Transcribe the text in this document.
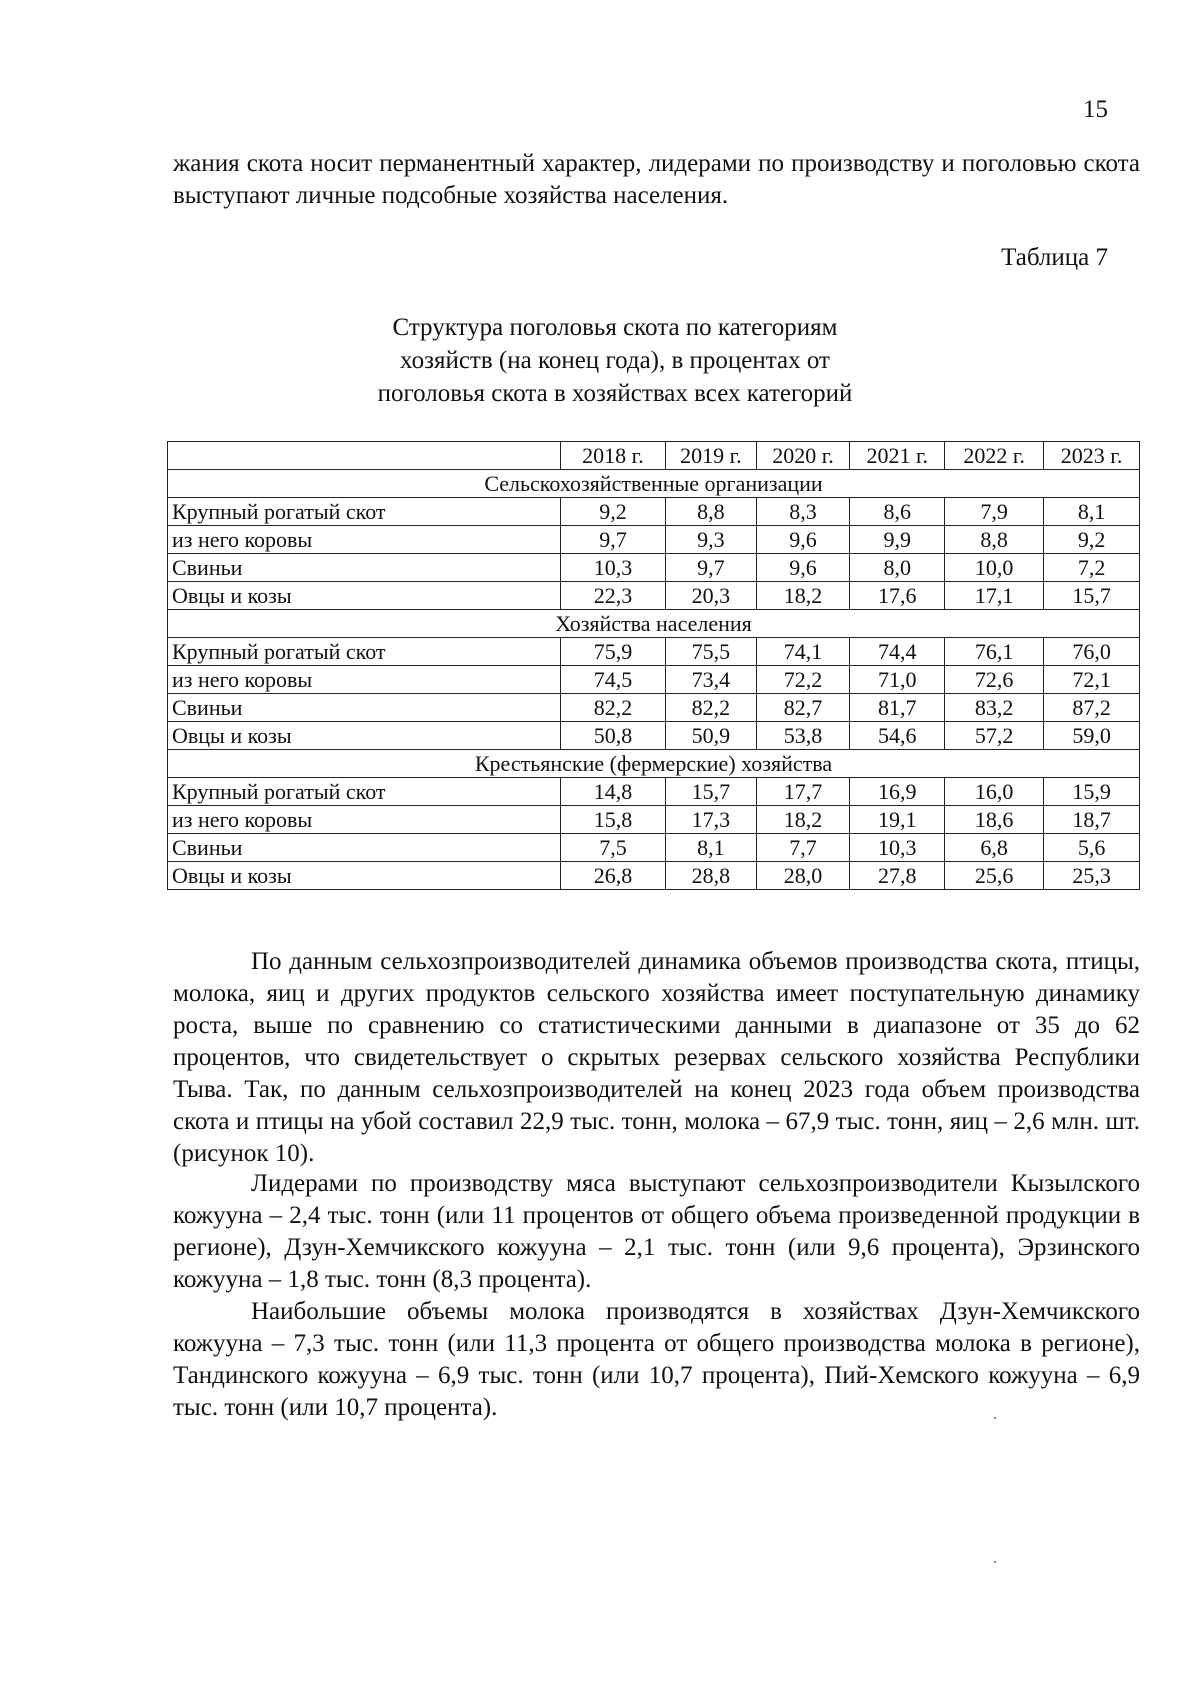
15

жания скота носит перманентный характер, лидерами по производству и поголовью скота выступают личные подсобные хозяйства населения.

Таблица 7
Структура поголовья скота по категориям
хозяйств (на конец года), в процентах от
поголовья скота в хозяйствах всех категорий
	2018 г.	2019 г.	2020 г.	2021 г.	2022 г.	2023 г.
Сельскохозяйственные организации						
Крупный рогатый скот	9,2	8,8	8,3	8,6	7,9	8,1
из него коровы	9,7	9,3	9,6	9,9	8,8	9,2
Свиньи	10,3	9,7	9,6	8,0	10,0	7,2
Овцы и козы	22,3	20,3	18,2	17,6	17,1	15,7
Хозяйства населения						
Крупный рогатый скот	75,9	75,5	74,1	74,4	76,1	76,0
из него коровы	74,5	73,4	72,2	71,0	72,6	72,1
Свиньи	82,2	82,2	82,7	81,7	83,2	87,2
Овцы и козы	50,8	50,9	53,8	54,6	57,2	59,0
Крестьянские (фермерские) хозяйства						
Крупный рогатый скот	14,8	15,7	17,7	16,9	16,0	15,9
из него коровы	15,8	17,3	18,2	19,1	18,6	18,7
Свиньи	7,5	8,1	7,7	10,3	6,8	5,6
Овцы и козы	26,8	28,8	28,0	27,8	25,6	25,3

По данным сельхозпроизводителей динамика объемов производства скота, птицы, молока, яиц и других продуктов сельского хозяйства имеет поступательную динамику роста, выше по сравнению со статистическими данными в диапазоне от 35 до 62 процентов, что свидетельствует о скрытых резервах сельского хозяйства Республики Тыва. Так, по данным сельхозпроизводителей на конец 2023 года объем производства скота и птицы на убой составил 22,9 тыс. тонн, молока – 67,9 тыс. тонн, яиц – 2,6 млн. шт. (рисунок 10).

Лидерами по производству мяса выступают сельхозпроизводители Кызылского кожууна – 2,4 тыс. тонн (или 11 процентов от общего объема произведенной продукции в регионе), Дзун-Хемчикского кожууна – 2,1 тыс. тонн (или 9,6 процента), Эрзинского кожууна – 1,8 тыс. тонн (8,3 процента).

Наибольшие объемы молока производятся в хозяйствах Дзун-Хемчикского кожууна – 7,3 тыс. тонн (или 11,3 процента от общего производства молока в регионе), Тандинского кожууна – 6,9 тыс. тонн (или 10,7 процента), Пий-Хемского кожууна – 6,9 тыс. тонн (или 10,7 процента).
